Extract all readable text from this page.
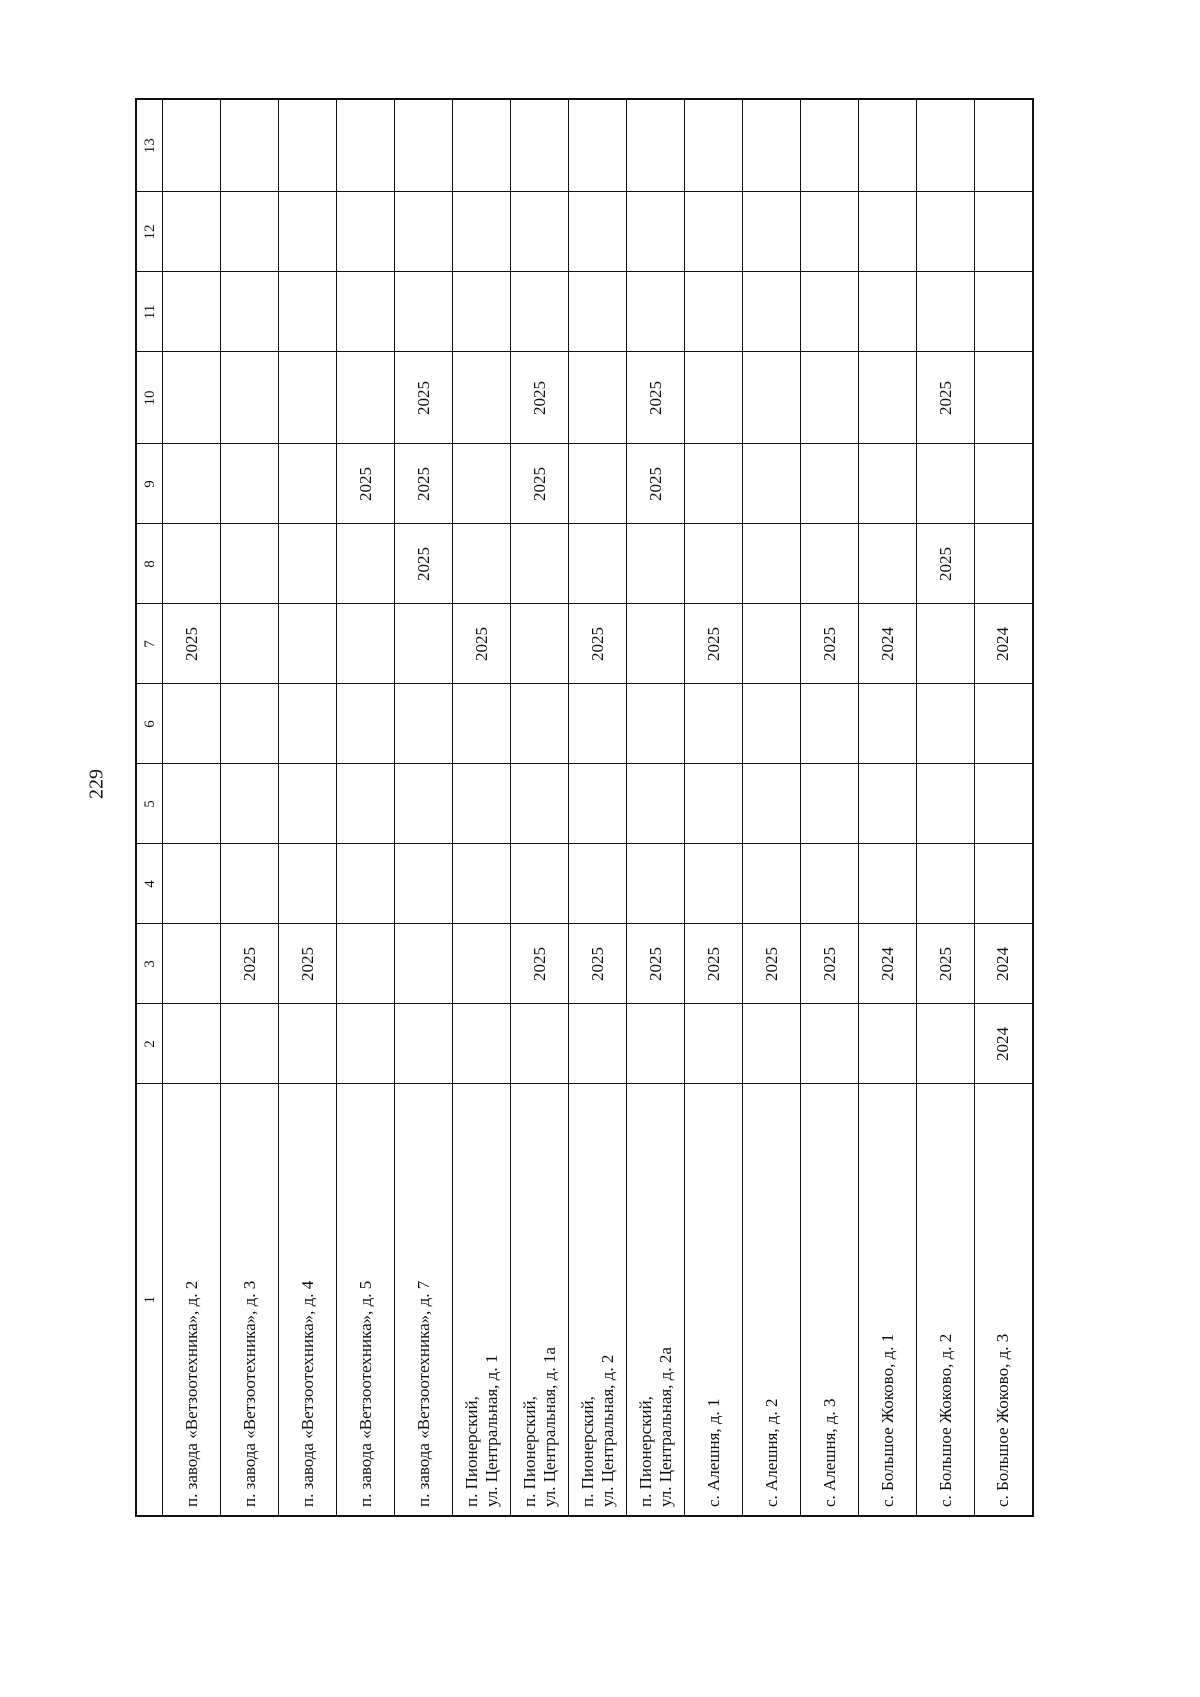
229
1	2	3	4	5	6	7	8	9	10	11	12	13

п. завода «Ветзоотехника», д. 2						2025						

п. завода «Ветзоотехника», д. 3		2025										

п. завода «Ветзоотехника», д. 4		2025										

п. завода «Ветзоотехника», д. 5								2025				

п. завода «Ветзоотехника», д. 7							2025	2025	2025			

п. Пионерский, ул. Центральная, д. 1						2025						

п. Пионерский, ул. Центральная, д. 1а		2025						2025	2025			

п. Пионерский, ул. Центральная, д. 2		2025				2025						

п. Пионерский, ул. Центральная, д. 2а		2025						2025	2025			

с. Алешня, д. 1		2025				2025						

с. Алешня, д. 2		2025										

с. Алешня, д. 3		2025				2025						

с. Большое Жоково, д. 1		2024				2024						

с. Большое Жоково, д. 2		2025					2025		2025			

с. Большое Жоково, д. 3	2024	2024				2024						
